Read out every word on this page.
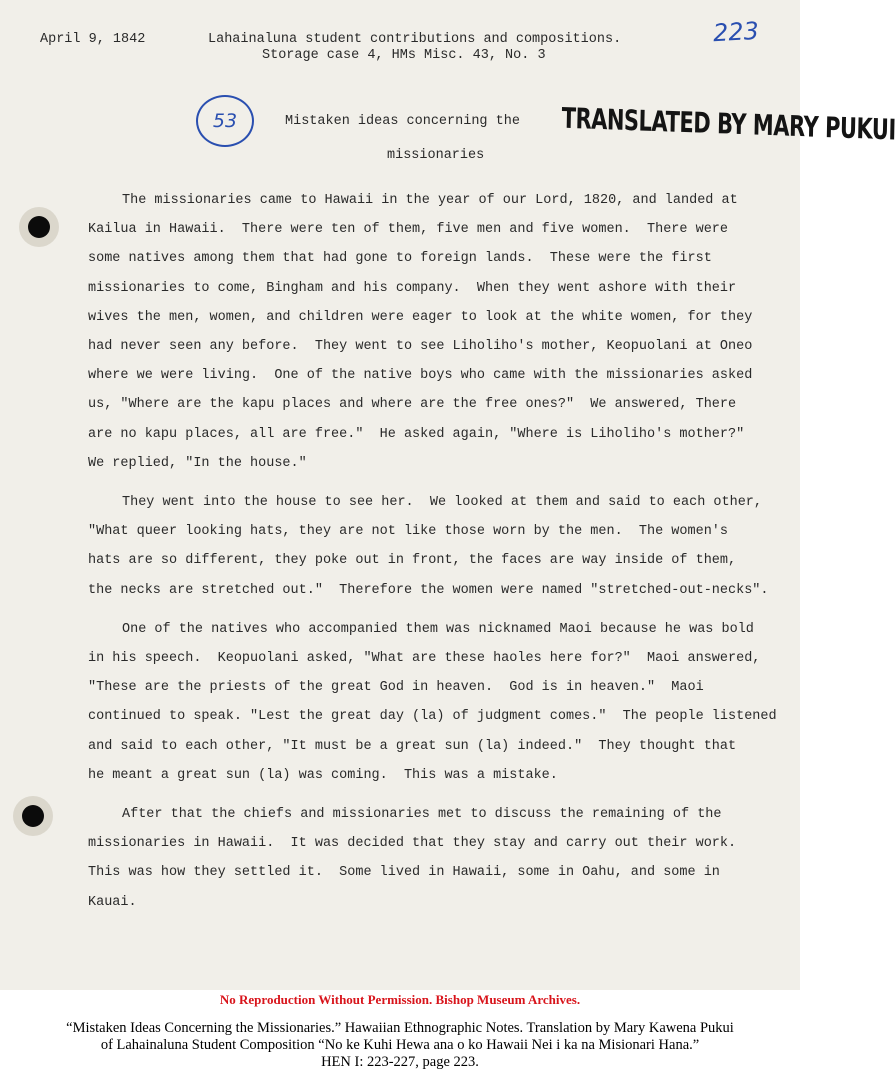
April 9, 1842	Lahainaluna student contributions and compositions.
Storage case 4, HMs Misc. 43, No. 3
223
53	Mistaken ideas concerning the
missionaries
TRANSLATED BY MARY PUKUI

The missionaries came to Hawaii in the year of our Lord, 1820, and landed at
Kailua in Hawaii.  There were ten of them, five men and five women.  There were
some natives among them that had gone to foreign lands.  These were the first
missionaries to come, Bingham and his company.  When they went ashore with their
wives the men, women, and children were eager to look at the white women, for they
had never seen any before.  They went to see Liholiho's mother, Keopuolani at Oneo
where we were living.  One of the native boys who came with the missionaries asked
us, "Where are the kapu places and where are the free ones?"  We answered, There
are no kapu places, all are free."  He asked again, "Where is Liholiho's mother?"
We replied, "In the house."

They went into the house to see her.  We looked at them and said to each other,
"What queer looking hats, they are not like those worn by the men.  The women's
hats are so different, they poke out in front, the faces are way inside of them,
the necks are stretched out."  Therefore the women were named "stretched-out-necks".

One of the natives who accompanied them was nicknamed Maoi because he was bold
in his speech.  Keopuolani asked, "What are these haoles here for?"  Maoi answered,
"These are the priests of the great God in heaven.  God is in heaven."  Maoi
continued to speak. "Lest the great day (la) of judgment comes."  The people listened
and said to each other, "It must be a great sun (la) indeed."  They thought that
he meant a great sun (la) was coming.  This was a mistake.

After that the chiefs and missionaries met to discuss the remaining of the
missionaries in Hawaii.  It was decided that they stay and carry out their work.
This was how they settled it.  Some lived in Hawaii, some in Oahu, and some in
Kauai.

No Reproduction Without Permission. Bishop Museum Archives.
“Mistaken Ideas Concerning the Missionaries.” Hawaiian Ethnographic Notes. Translation by Mary Kawena Pukui
of Lahainaluna Student Composition “No ke Kuhi Hewa ana o ko Hawaii Nei i ka na Misionari Hana.”
HEN I: 223-227, page 223.
